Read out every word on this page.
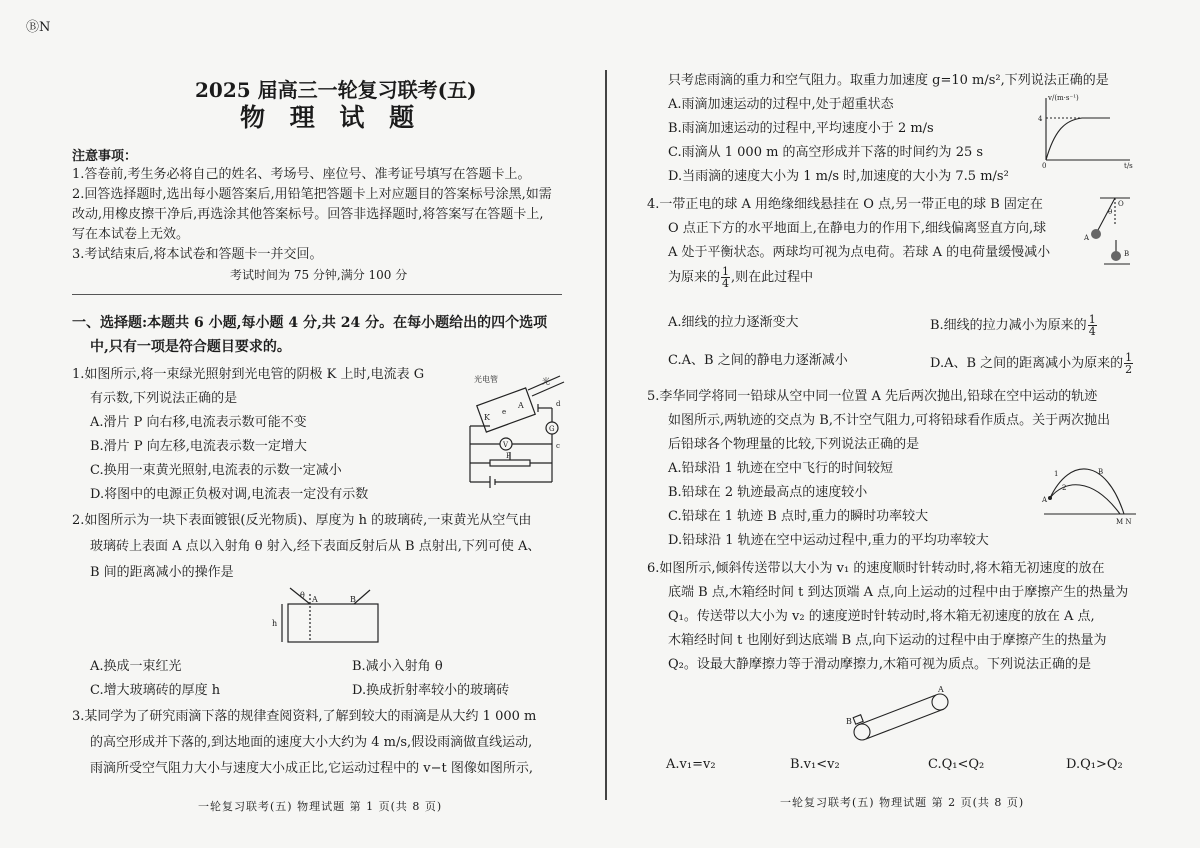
ⒷN
2025 届高三一轮复习联考(五)
物 理 试 题
注意事项：
1.答卷前,考生务必将自己的姓名、考场号、座位号、准考证号填写在答题卡上。
2.回答选择题时,选出每小题答案后,用铅笔把答题卡上对应题目的答案标号涂黑,如需
改动,用橡皮擦干净后,再选涂其他答案标号。回答非选择题时,将答案写在答题卡上,
写在本试卷上无效。
3.考试结束后,将本试卷和答题卡一并交回。
考试时间为 75 分钟,满分 100 分
一、选择题:本题共 6 小题,每小题 4 分,共 24 分。在每小题给出的四个选项
中,只有一项是符合题目要求的。
1.如图所示,将一束绿光照射到光电管的阴极 K 上时,电流表 G
有示数,下列说法正确的是
A.滑片 P 向右移,电流表示数可能不变
B.滑片 P 向左移,电流表示数一定增大
C.换用一束黄光照射,电流表的示数一定减小
D.将图中的电源正负极对调,电流表一定没有示数
光电管	光
K
A
e
V
G
P
d
c
2.如图所示为一块下表面镀银(反光物质)、厚度为 h 的玻璃砖,一束黄光从空气由
玻璃砖上表面 A 点以入射角 θ 射入,经下表面反射后从 B 点射出,下列可使 A、
B 间的距离减小的操作是
θ A	B
h
A.换成一束红光	B.减小入射角 θ
C.增大玻璃砖的厚度 h	D.换成折射率较小的玻璃砖
3.某同学为了研究雨滴下落的规律查阅资料,了解到较大的雨滴是从大约 1 000 m
的高空形成并下落的,到达地面的速度大小大约为 4 m/s,假设雨滴做直线运动,
雨滴所受空气阻力大小与速度大小成正比,它运动过程中的 v−t 图像如图所示,
一轮复习联考(五) 物理试题 第 1 页(共 8 页)
只考虑雨滴的重力和空气阻力。取重力加速度 g=10 m/s²,下列说法正确的是
A.雨滴加速运动的过程中,处于超重状态
B.雨滴加速运动的过程中,平均速度小于 2 m/s
C.雨滴从 1 000 m 的高空形成并下落的时间约为 25 s
D.当雨滴的速度大小为 1 m/s 时,加速度的大小为 7.5 m/s²
v/(m·s⁻¹)
t/s
4
0
4.一带正电的球 A 用绝缘细线悬挂在 O 点,另一带正电的球 B 固定在
O 点正下方的水平地面上,在静电力的作用下,细线偏离竖直方向,球
A 处于平衡状态。两球均可视为点电荷。若球 A 的电荷量缓慢减小
为原来的 $\frac{1}{4}$ ,则在此过程中
O
θ
A
B
A.细线的拉力逐渐变大	B.细线的拉力减小为原来的 $\frac{1}{4}$
C.A、B 之间的静电力逐渐减小	D.A、B 之间的距离减小为原来的 $\frac{1}{2}$
5.李华同学将同一铅球从空中同一位置 A 先后两次抛出,铅球在空中运动的轨迹
如图所示,两轨迹的交点为 B,不计空气阻力,可将铅球看作质点。关于两次抛出
后铅球各个物理量的比较,下列说法正确的是
A.铅球沿 1 轨迹在空中飞行的时间较短
B.铅球在 2 轨迹最高点的速度较小
C.铅球在 1 轨迹 B 点时,重力的瞬时功率较大
D.铅球沿 1 轨迹在空中运动过程中,重力的平均功率较大
1
2
A
B
M N
6.如图所示,倾斜传送带以大小为 v₁ 的速度顺时针转动时,将木箱无初速度的放在
底端 B 点,木箱经时间 t 到达顶端 A 点,向上运动的过程中由于摩擦产生的热量为
Q₁。传送带以大小为 v₂ 的速度逆时针转动时,将木箱无初速度的放在 A 点,
木箱经时间 t 也刚好到达底端 B 点,向下运动的过程中由于摩擦产生的热量为
Q₂。设最大静摩擦力等于滑动摩擦力,木箱可视为质点。下列说法正确的是
B
A
A.v₁=v₂	B.v₁<v₂	C.Q₁<Q₂	D.Q₁>Q₂
一轮复习联考(五) 物理试题 第 2 页(共 8 页)
